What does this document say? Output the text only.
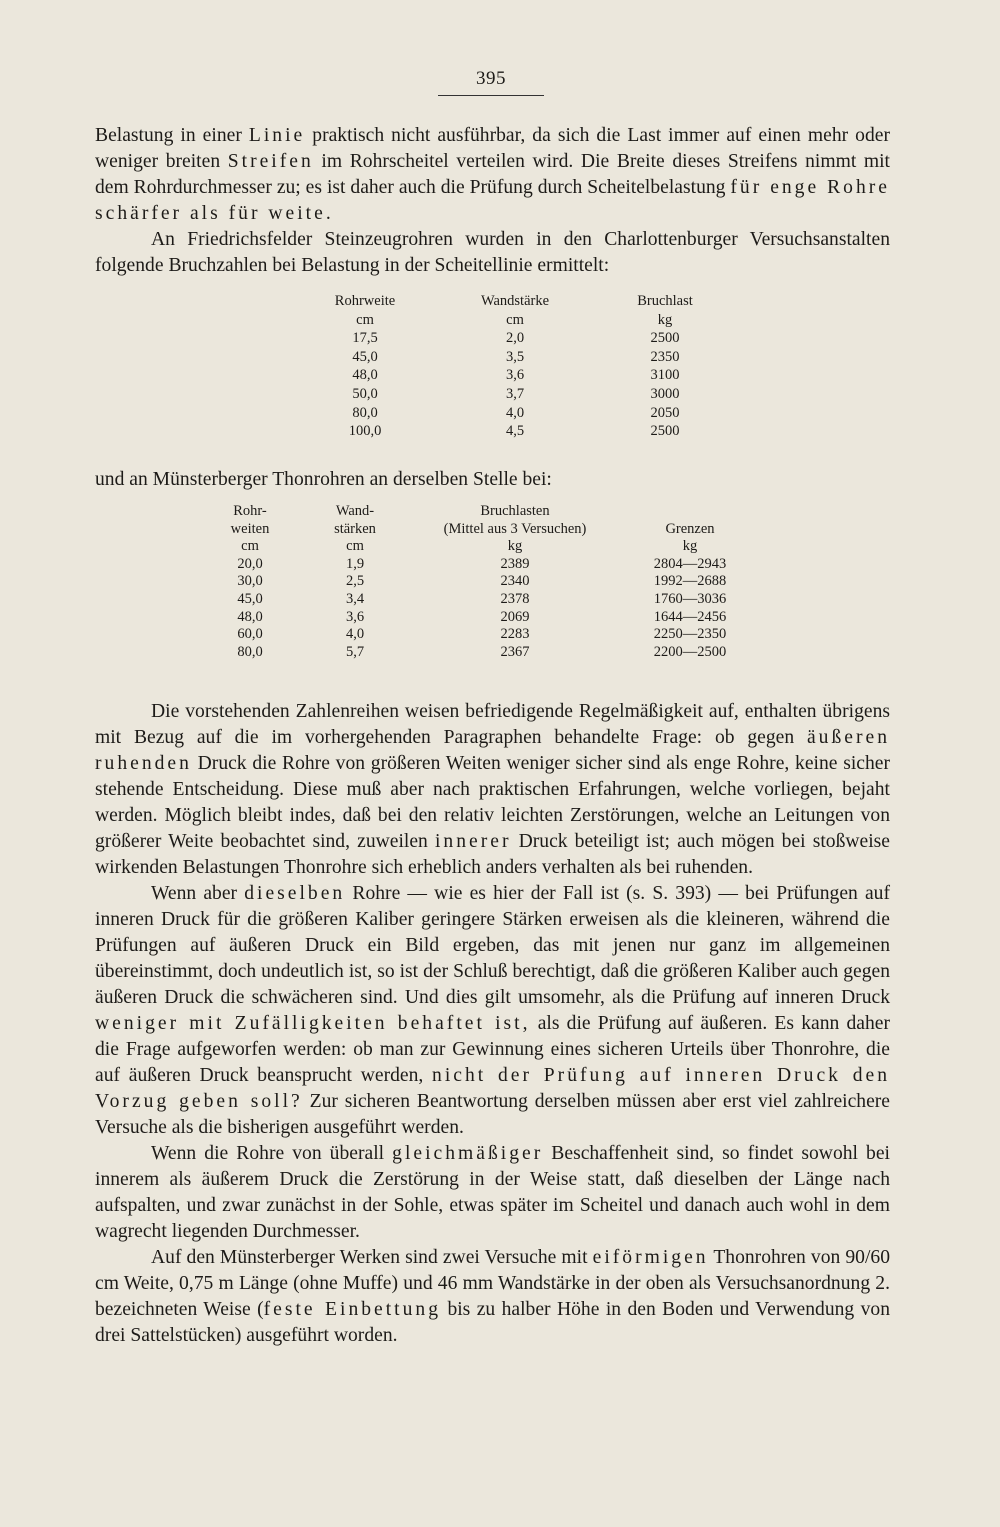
395

Belastung in einer Linie praktisch nicht ausführbar, da sich die Last immer auf einen mehr oder weniger breiten Streifen im Rohrscheitel verteilen wird. Die Breite dieses Streifens nimmt mit dem Rohrdurchmesser zu; es ist daher auch die Prüfung durch Scheitelbelastung für enge Rohre schärfer als für weite.

An Friedrichsfelder Steinzeugrohren wurden in den Charlottenburger Versuchsanstalten folgende Bruchzahlen bei Belastung in der Scheitellinie ermittelt:

Rohrweite	Wandstärke	Bruchlast
cm	cm	kg
17,5	2,0	2500
45,0	3,5	2350
48,0	3,6	3100
50,0	3,7	3000
80,0	4,0	2050
100,0	4,5	2500

und an Münsterberger Thonrohren an derselben Stelle bei:

Rohr-	Wand-	Bruchlasten	
weiten	stärken	(Mittel aus 3 Versuchen)	Grenzen
cm	cm	kg	kg
20,0	1,9	2389	2804—2943
30,0	2,5	2340	1992—2688
45,0	3,4	2378	1760—3036
48,0	3,6	2069	1644—2456
60,0	4,0	2283	2250—2350
80,0	5,7	2367	2200—2500

Die vorstehenden Zahlenreihen weisen befriedigende Regelmäßigkeit auf, enthalten übrigens mit Bezug auf die im vorhergehenden Paragraphen behandelte Frage: ob gegen äußeren ruhenden Druck die Rohre von größeren Weiten weniger sicher sind als enge Rohre, keine sicher stehende Entscheidung. Diese muß aber nach praktischen Erfahrungen, welche vorliegen, bejaht werden. Möglich bleibt indes, daß bei den relativ leichten Zerstörungen, welche an Leitungen von größerer Weite beobachtet sind, zuweilen innerer Druck beteiligt ist; auch mögen bei stoßweise wirkenden Belastungen Thonrohre sich erheblich anders verhalten als bei ruhenden.

Wenn aber dieselben Rohre — wie es hier der Fall ist (s. S. 393) — bei Prüfungen auf inneren Druck für die größeren Kaliber geringere Stärken erweisen als die kleineren, während die Prüfungen auf äußeren Druck ein Bild ergeben, das mit jenen nur ganz im allgemeinen übereinstimmt, doch undeutlich ist, so ist der Schluß berechtigt, daß die größeren Kaliber auch gegen äußeren Druck die schwächeren sind. Und dies gilt umsomehr, als die Prüfung auf inneren Druck weniger mit Zufälligkeiten behaftet ist, als die Prüfung auf äußeren. Es kann daher die Frage aufgeworfen werden: ob man zur Gewinnung eines sicheren Urteils über Thonrohre, die auf äußeren Druck beansprucht werden, nicht der Prüfung auf inneren Druck den Vorzug geben soll? Zur sicheren Beantwortung derselben müssen aber erst viel zahlreichere Versuche als die bisherigen ausgeführt werden.

Wenn die Rohre von überall gleichmäßiger Beschaffenheit sind, so findet sowohl bei innerem als äußerem Druck die Zerstörung in der Weise statt, daß dieselben der Länge nach aufspalten, und zwar zunächst in der Sohle, etwas später im Scheitel und danach auch wohl in dem wagrecht liegenden Durchmesser.

Auf den Münsterberger Werken sind zwei Versuche mit eiförmigen Thonrohren von 90/60 cm Weite, 0,75 m Länge (ohne Muffe) und 46 mm Wandstärke in der oben als Versuchsanordnung 2. bezeichneten Weise (feste Einbettung bis zu halber Höhe in den Boden und Verwendung von drei Sattelstücken) ausgeführt worden.
